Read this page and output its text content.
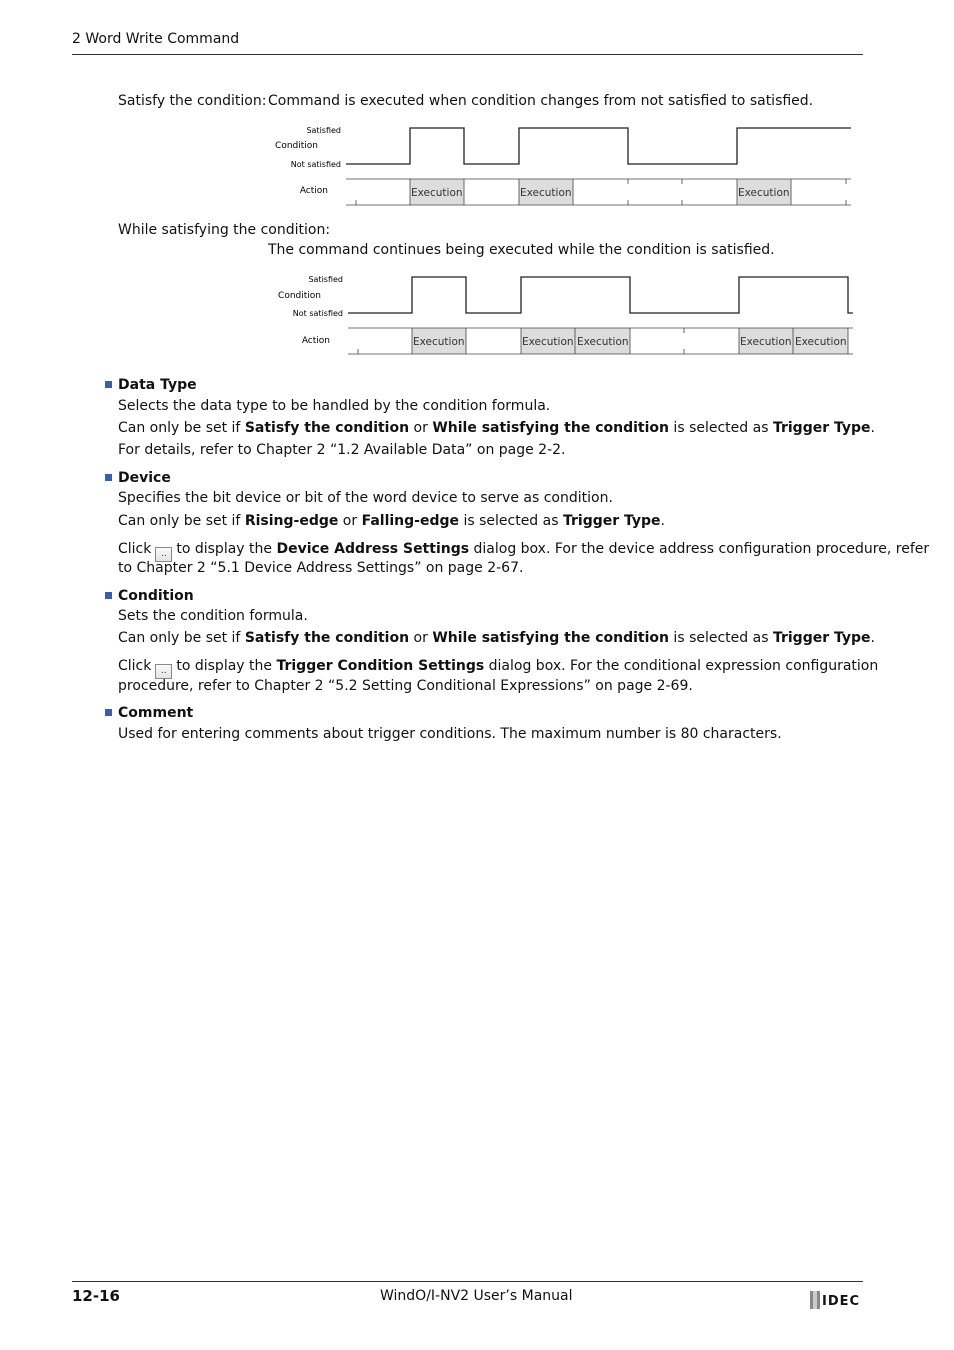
2 Word Write Command
Satisfy the condition: Command is executed when condition changes from not satisfied to satisfied.
Satisfied
Condition
Not satisfied
Action	Execution	Execution	Execution
While satisfying the condition:
The command continues being executed while the condition is satisfied.
Satisfied
Condition
Not satisfied
Action	Execution	Execution Execution	Execution Execution
Data Type
Selects the data type to be handled by the condition formula.
Can only be set if Satisfy the condition or While satisfying the condition is selected as Trigger Type.
For details, refer to Chapter 2 “1.2 Available Data” on page 2-2.
Device
Specifies the bit device or bit of the word device to serve as condition.
Can only be set if Rising-edge or Falling-edge is selected as Trigger Type.
Click .. to display the Device Address Settings dialog box. For the device address configuration procedure, refer
to Chapter 2 “5.1 Device Address Settings” on page 2-67.
Condition
Sets the condition formula.
Can only be set if Satisfy the condition or While satisfying the condition is selected as Trigger Type.
Click .. to display the Trigger Condition Settings dialog box. For the conditional expression configuration
procedure, refer to Chapter 2 “5.2 Setting Conditional Expressions” on page 2-69.
Comment
Used for entering comments about trigger conditions. The maximum number is 80 characters.
12-16	WindO/I-NV2 User’s Manual	IDEC
